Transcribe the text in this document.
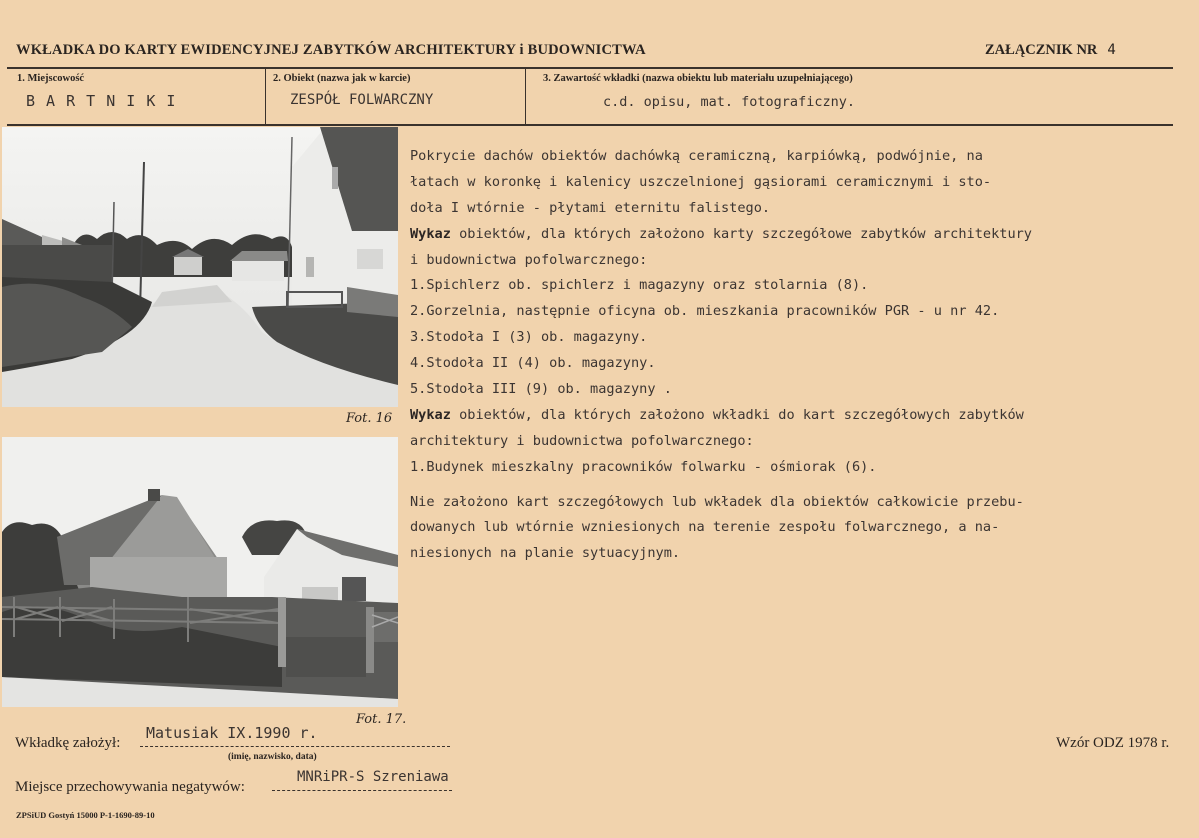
WKŁADKA DO KARTY EWIDENCYJNEJ ZABYTKÓW ARCHITEKTURY i BUDOWNICTWA	ZAŁĄCZNIK NR 4
1. Miejscowość
B A R T N I K I
2. Obiekt (nazwa jak w karcie)
ZESPÓŁ FOLWARCZNY
3. Zawartość wkładki (nazwa obiektu lub materiału uzupełniającego)
c.d. opisu, mat. fotograficzny.
Fot. 16
Fot. 17.
Pokrycie dachów obiektów dachówką ceramiczną, karpiówką, podwójnie, na
łatach w koronkę i kalenicy uszczelnionej gąsiorami ceramicznymi i sto-
doła I wtórnie - płytami eternitu falistego.
Wykaz obiektów, dla których założono karty szczegółowe zabytków architektury
i budownictwa pofolwarcznego:
1.Spichlerz ob. spichlerz i magazyny oraz stolarnia (8).
2.Gorzelnia, następnie oficyna ob. mieszkania pracowników PGR - u nr 42.
3.Stodoła I (3) ob. magazyny.
4.Stodoła II (4) ob. magazyny.
5.Stodoła III (9) ob. magazyny .
Wykaz obiektów, dla których założono wkładki do kart szczegółowych zabytków
architektury i budownictwa pofolwarcznego:
1.Budynek mieszkalny pracowników folwarku - ośmiorak (6).
Nie założono kart szczegółowych lub wkładek dla obiektów całkowicie przebu-
dowanych lub wtórnie wzniesionych na terenie zespołu folwarcznego, a na-
niesionych na planie sytuacyjnym.
Wkładkę założył:
Matusiak IX.1990 r.
(imię, nazwisko, data)
Wzór ODZ 1978 r.
Miejsce przechowywania negatywów:
MNRiPR-S Szreniawa
ZPSiUD Gostyń 15000 P-1-1690-89-10
